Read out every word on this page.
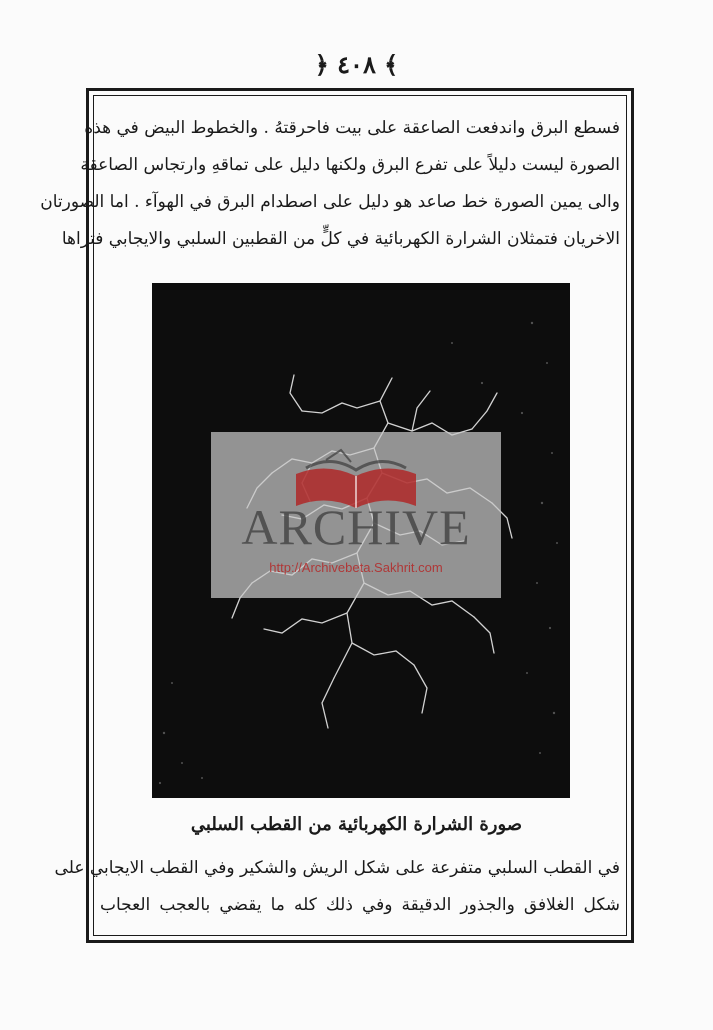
﴿ ٤٠٨ ﴾
فسطع البرق واندفعت الصاعقة على بيت فاحرقتهُ . والخطوط البيض في هذه
الصورة ليست دليلاً على تفرع البرق ولكنها دليل على تماقهِ وارتجاس الصاعقة
والى يمين الصورة خط صاعد هو دليل على اصطدام البرق في الهوآء . اما الصورتان
الاخريان فتمثلان الشرارة الكهربائية في كلٍّ من القطبين السلبي والايجابي فتراها
صورة الشرارة الكهربائية من القطب السلبي
في القطب السلبي متفرعة على شكل الريش والشكير وفي القطب الايجابي على
شكل الغلافق والجذور الدقيقة وفي ذلك كله ما يقضي بالعجب العجاب
ARCHIVE
http://Archivebeta.Sakhrit.com
